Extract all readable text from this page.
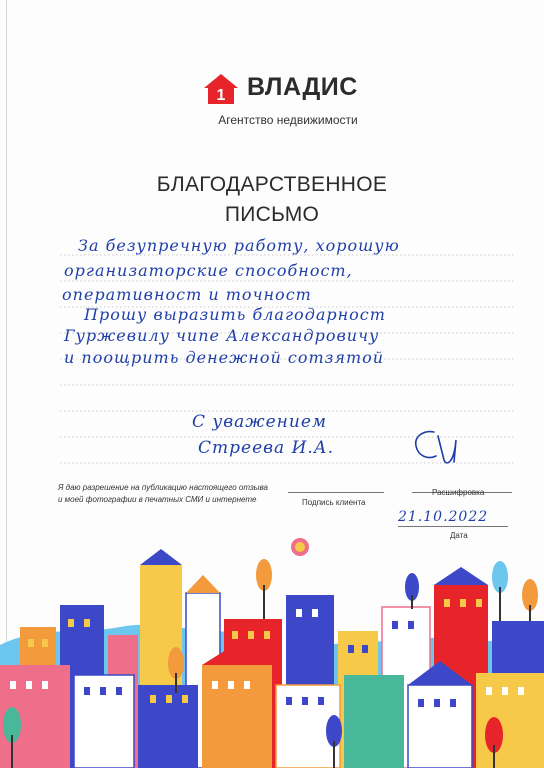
1 ВЛАДИС
Агентство недвижимости
БЛАГОДАРСТВЕННОЕ
ПИСЬМО
За безупречную работу, хорошую
организаторские способност,
оперативност и точност
Прошу выразить благодарност
Гуржевилу чипе Александровичу
и поощрить денежной сотзятой
С уважением
Стреева И.А.
Я даю разрешение на публикацию настоящего отзыва
и моей фотографии в печатных СМИ и интернете	Подпись клиента
Расшифровка
21.10.2022
Дата
